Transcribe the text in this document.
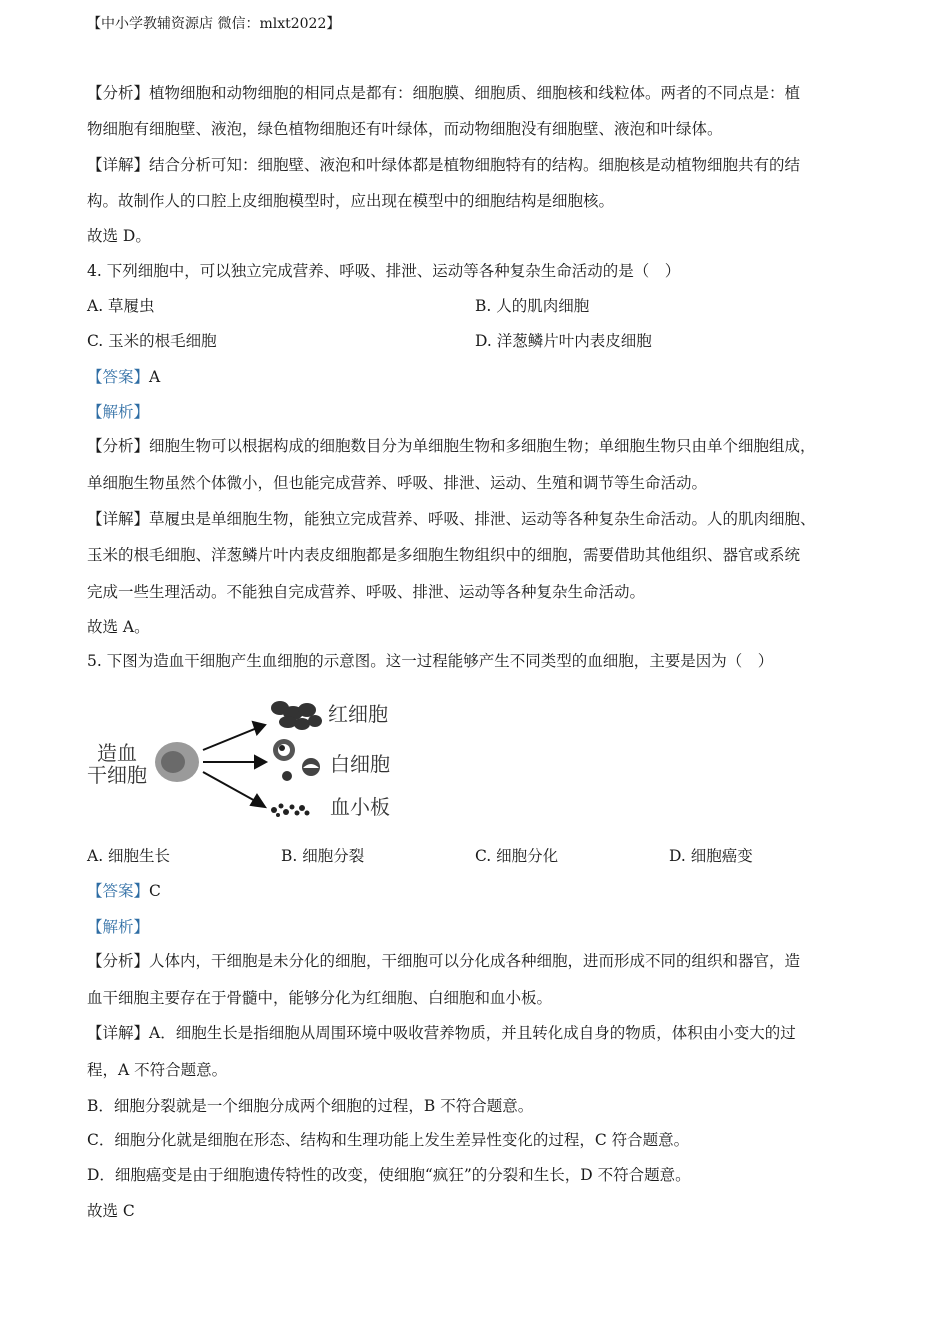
【中小学教辅资源店 微信：mlxt2022】
【分析】植物细胞和动物细胞的相同点是都有：细胞膜、细胞质、细胞核和线粒体。两者的不同点是：植
物细胞有细胞壁、液泡，绿色植物细胞还有叶绿体，而动物细胞没有细胞壁、液泡和叶绿体。
【详解】结合分析可知：细胞壁、液泡和叶绿体都是植物细胞特有的结构。细胞核是动植物细胞共有的结
构。故制作人的口腔上皮细胞模型时，应出现在模型中的细胞结构是细胞核。
故选 D。
4. 下列细胞中，可以独立完成营养、呼吸、排泄、运动等各种复杂生命活动的是（　）
A. 草履虫	B. 人的肌肉细胞
C. 玉米的根毛细胞	D. 洋葱鳞片叶内表皮细胞
【答案】A
【解析】
【分析】细胞生物可以根据构成的细胞数目分为单细胞生物和多细胞生物；单细胞生物只由单个细胞组成，
单细胞生物虽然个体微小，但也能完成营养、呼吸、排泄、运动、生殖和调节等生命活动。
【详解】草履虫是单细胞生物，能独立完成营养、呼吸、排泄、运动等各种复杂生命活动。人的肌肉细胞、
玉米的根毛细胞、洋葱鳞片叶内表皮细胞都是多细胞生物组织中的细胞，需要借助其他组织、器官或系统
完成一些生理活动。不能独自完成营养、呼吸、排泄、运动等各种复杂生命活动。
故选 A。
5. 下图为造血干细胞产生血细胞的示意图。这一过程能够产生不同类型的血细胞，主要是因为（　）
造血
干细胞
红细胞
白细胞
血小板
A. 细胞生长	B. 细胞分裂	C. 细胞分化	D. 细胞癌变
【答案】C
【解析】
【分析】人体内，干细胞是未分化的细胞，干细胞可以分化成各种细胞，进而形成不同的组织和器官，造
血干细胞主要存在于骨髓中，能够分化为红细胞、白细胞和血小板。
【详解】A．细胞生长是指细胞从周围环境中吸收营养物质，并且转化成自身的物质，体积由小变大的过
程，A 不符合题意。
B．细胞分裂就是一个细胞分成两个细胞的过程，B 不符合题意。
C．细胞分化就是细胞在形态、结构和生理功能上发生差异性变化的过程，C 符合题意。
D．细胞癌变是由于细胞遗传特性的改变，使细胞“疯狂”的分裂和生长，D 不符合题意。
故选 C
